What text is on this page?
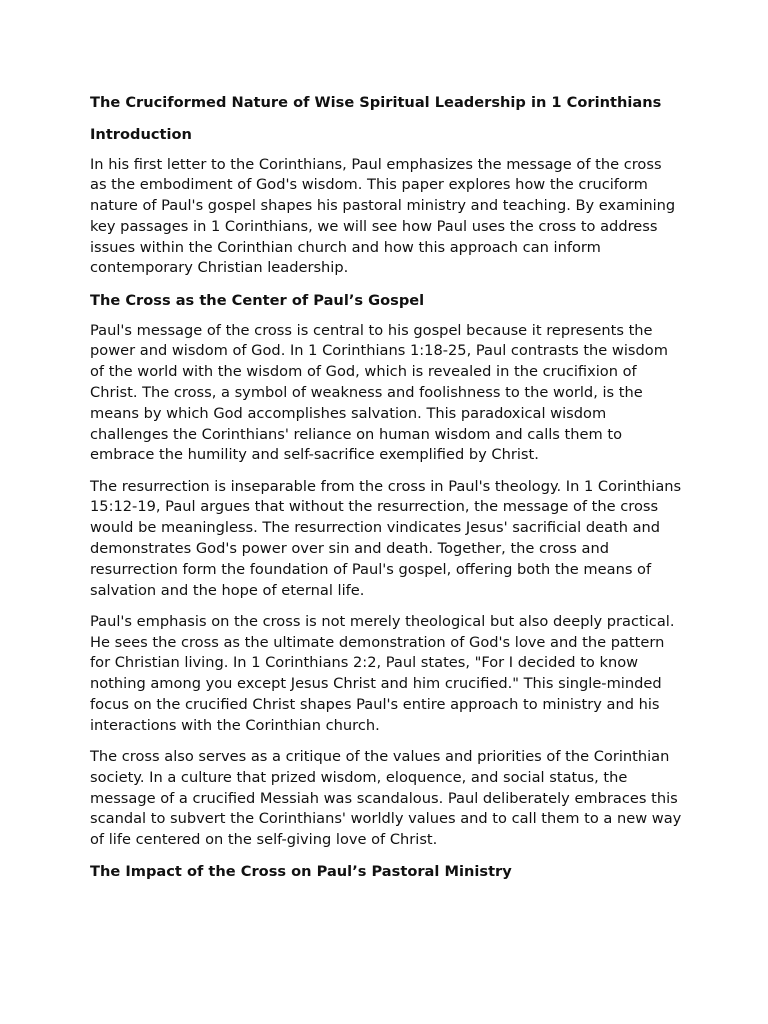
The Cruciformed Nature of Wise Spiritual Leadership in 1 Corinthians
Introduction

In his first letter to the Corinthians, Paul emphasizes the message of the cross as the embodiment of God's wisdom. This paper explores how the cruciform nature of Paul's gospel shapes his pastoral ministry and teaching. By examining key passages in 1 Corinthians, we will see how Paul uses the cross to address issues within the Corinthian church and how this approach can inform contemporary Christian leadership.

The Cross as the Center of Paul’s Gospel

Paul's message of the cross is central to his gospel because it represents the power and wisdom of God. In 1 Corinthians 1:18-25, Paul contrasts the wisdom of the world with the wisdom of God, which is revealed in the crucifixion of Christ. The cross, a symbol of weakness and foolishness to the world, is the means by which God accomplishes salvation. This paradoxical wisdom challenges the Corinthians' reliance on human wisdom and calls them to embrace the humility and self-sacrifice exemplified by Christ.

The resurrection is inseparable from the cross in Paul's theology. In 1 Corinthians 15:12-19, Paul argues that without the resurrection, the message of the cross would be meaningless. The resurrection vindicates Jesus' sacrificial death and demonstrates God's power over sin and death. Together, the cross and resurrection form the foundation of Paul's gospel, offering both the means of salvation and the hope of eternal life.

Paul's emphasis on the cross is not merely theological but also deeply practical. He sees the cross as the ultimate demonstration of God's love and the pattern for Christian living. In 1 Corinthians 2:2, Paul states, "For I decided to know nothing among you except Jesus Christ and him crucified." This single-minded focus on the crucified Christ shapes Paul's entire approach to ministry and his interactions with the Corinthian church.

The cross also serves as a critique of the values and priorities of the Corinthian society. In a culture that prized wisdom, eloquence, and social status, the message of a crucified Messiah was scandalous. Paul deliberately embraces this scandal to subvert the Corinthians' worldly values and to call them to a new way of life centered on the self-giving love of Christ.

The Impact of the Cross on Paul’s Pastoral Ministry
